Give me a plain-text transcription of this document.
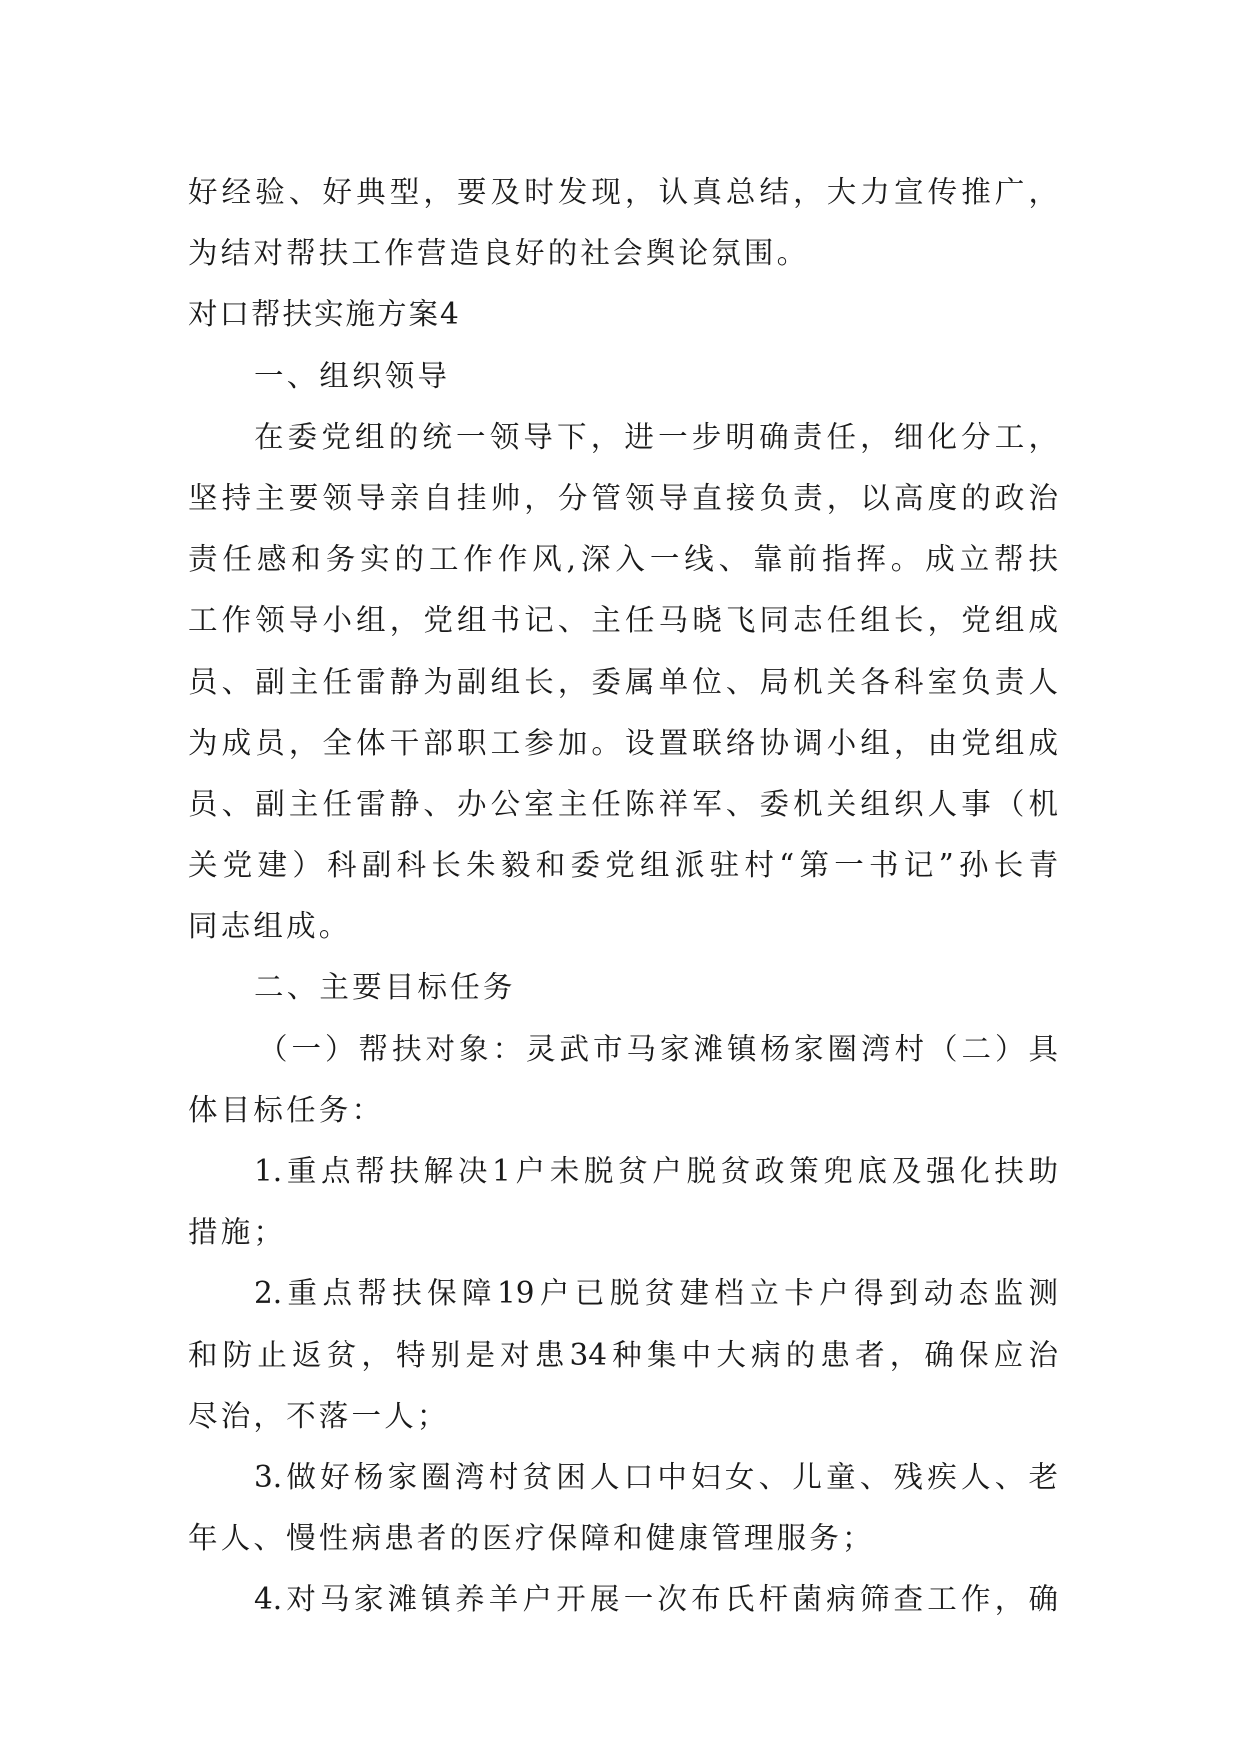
好经验、好典型，要及时发现，认真总结，大力宣传推广，
为结对帮扶工作营造良好的社会舆论氛围。
对口帮扶实施方案4
一、组织领导
在委党组的统一领导下，进一步明确责任，细化分工，
坚持主要领导亲自挂帅，分管领导直接负责，以高度的政治
责任感和务实的工作作风,深入一线、靠前指挥。成立帮扶
工作领导小组，党组书记、主任马晓飞同志任组长，党组成
员、副主任雷静为副组长，委属单位、局机关各科室负责人
为成员，全体干部职工参加。设置联络协调小组，由党组成
员、副主任雷静、办公室主任陈祥军、委机关组织人事（机
关党建）科副科长朱毅和委党组派驻村“第一书记”孙长青
同志组成。
二、主要目标任务
（一）帮扶对象：灵武市马家滩镇杨家圈湾村（二）具
体目标任务：
1.重点帮扶解决1户未脱贫户脱贫政策兜底及强化扶助
措施；
2.重点帮扶保障19户已脱贫建档立卡户得到动态监测
和防止返贫，特别是对患34种集中大病的患者，确保应治
尽治，不落一人；
3.做好杨家圈湾村贫困人口中妇女、儿童、残疾人、老
年人、慢性病患者的医疗保障和健康管理服务；
4.对马家滩镇养羊户开展一次布氏杆菌病筛查工作，确
